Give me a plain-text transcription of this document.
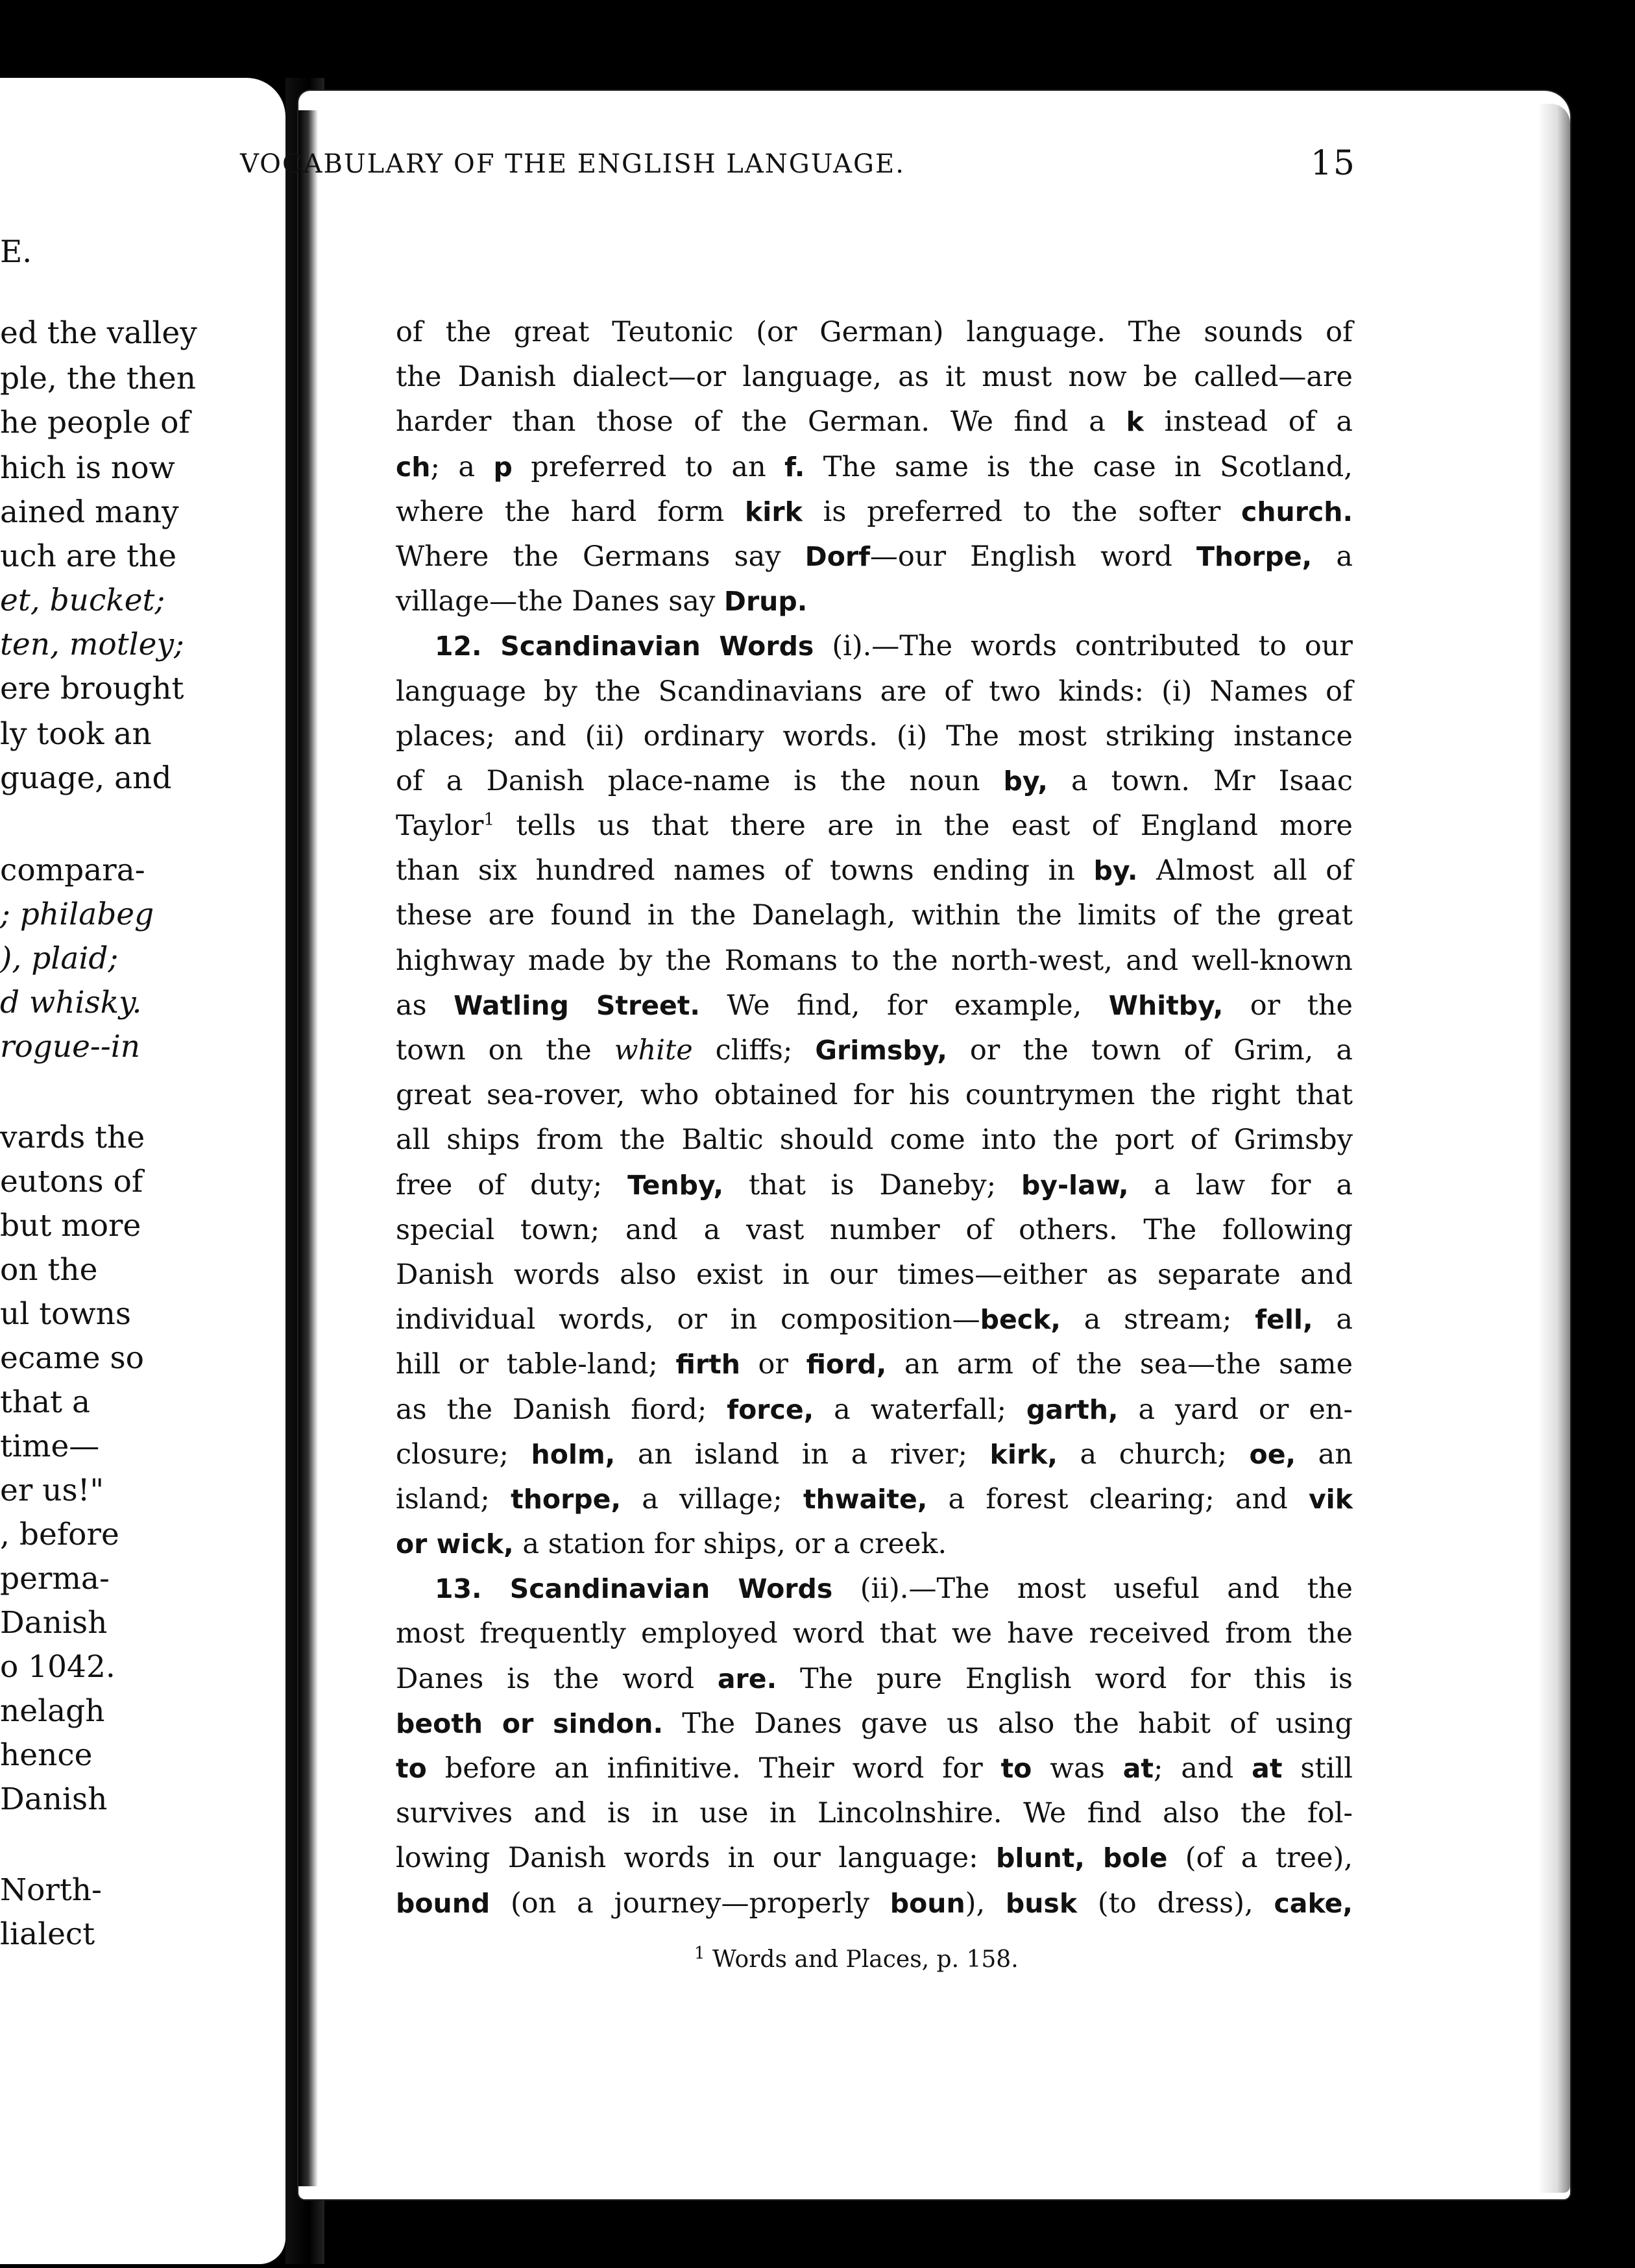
E.
ed the valley
ple, the then
he people of
hich is now
ained many
uch are the
et, bucket;
ten, motley;
ere brought
ly took an
guage, and
compara-
; philabeg
), plaid;
d whisky.
rogue--in
vards the
eutons of
but more
on the
ul towns
ecame so
that a
time—
er us!"
, before
perma-
Danish
o 1042.
nelagh
hence
Danish
North-
lialect
VOCABULARY OF THE ENGLISH LANGUAGE.	15
of the great Teutonic (or German) language. The sounds of
the Danish dialect—or language, as it must now be called—are
harder than those of the German. We find a k instead of a
ch; a p preferred to an f. The same is the case in Scotland,
where the hard form kirk is preferred to the softer church.
Where the Germans say Dorf—our English word Thorpe, a
village—the Danes say Drup.
12. Scandinavian Words (i).—The words contributed to our
language by the Scandinavians are of two kinds: (i) Names of
places; and (ii) ordinary words. (i) The most striking instance
of a Danish place-name is the noun by, a town. Mr Isaac
Taylor$^1$ tells us that there are in the east of England more
than six hundred names of towns ending in by. Almost all of
these are found in the Danelagh, within the limits of the great
highway made by the Romans to the north-west, and well-known
as Watling Street. We find, for example, Whitby, or the
town on the white cliffs; Grimsby, or the town of Grim, a
great sea-rover, who obtained for his countrymen the right that
all ships from the Baltic should come into the port of Grimsby
free of duty; Tenby, that is Daneby; by-law, a law for a
special town; and a vast number of others. The following
Danish words also exist in our times—either as separate and
individual words, or in composition—beck, a stream; fell, a
hill or table-land; firth or fiord, an arm of the sea—the same
as the Danish fiord; force, a waterfall; garth, a yard or en-
closure; holm, an island in a river; kirk, a church; oe, an
island; thorpe, a village; thwaite, a forest clearing; and vik
or wick, a station for ships, or a creek.
13. Scandinavian Words (ii).—The most useful and the
most frequently employed word that we have received from the
Danes is the word are. The pure English word for this is
beoth or sindon. The Danes gave us also the habit of using
to before an infinitive. Their word for to was at; and at still
survives and is in use in Lincolnshire. We find also the fol-
lowing Danish words in our language: blunt, bole (of a tree),
bound (on a journey—properly boun), busk (to dress), cake,
$^1$ Words and Places, p. 158.
